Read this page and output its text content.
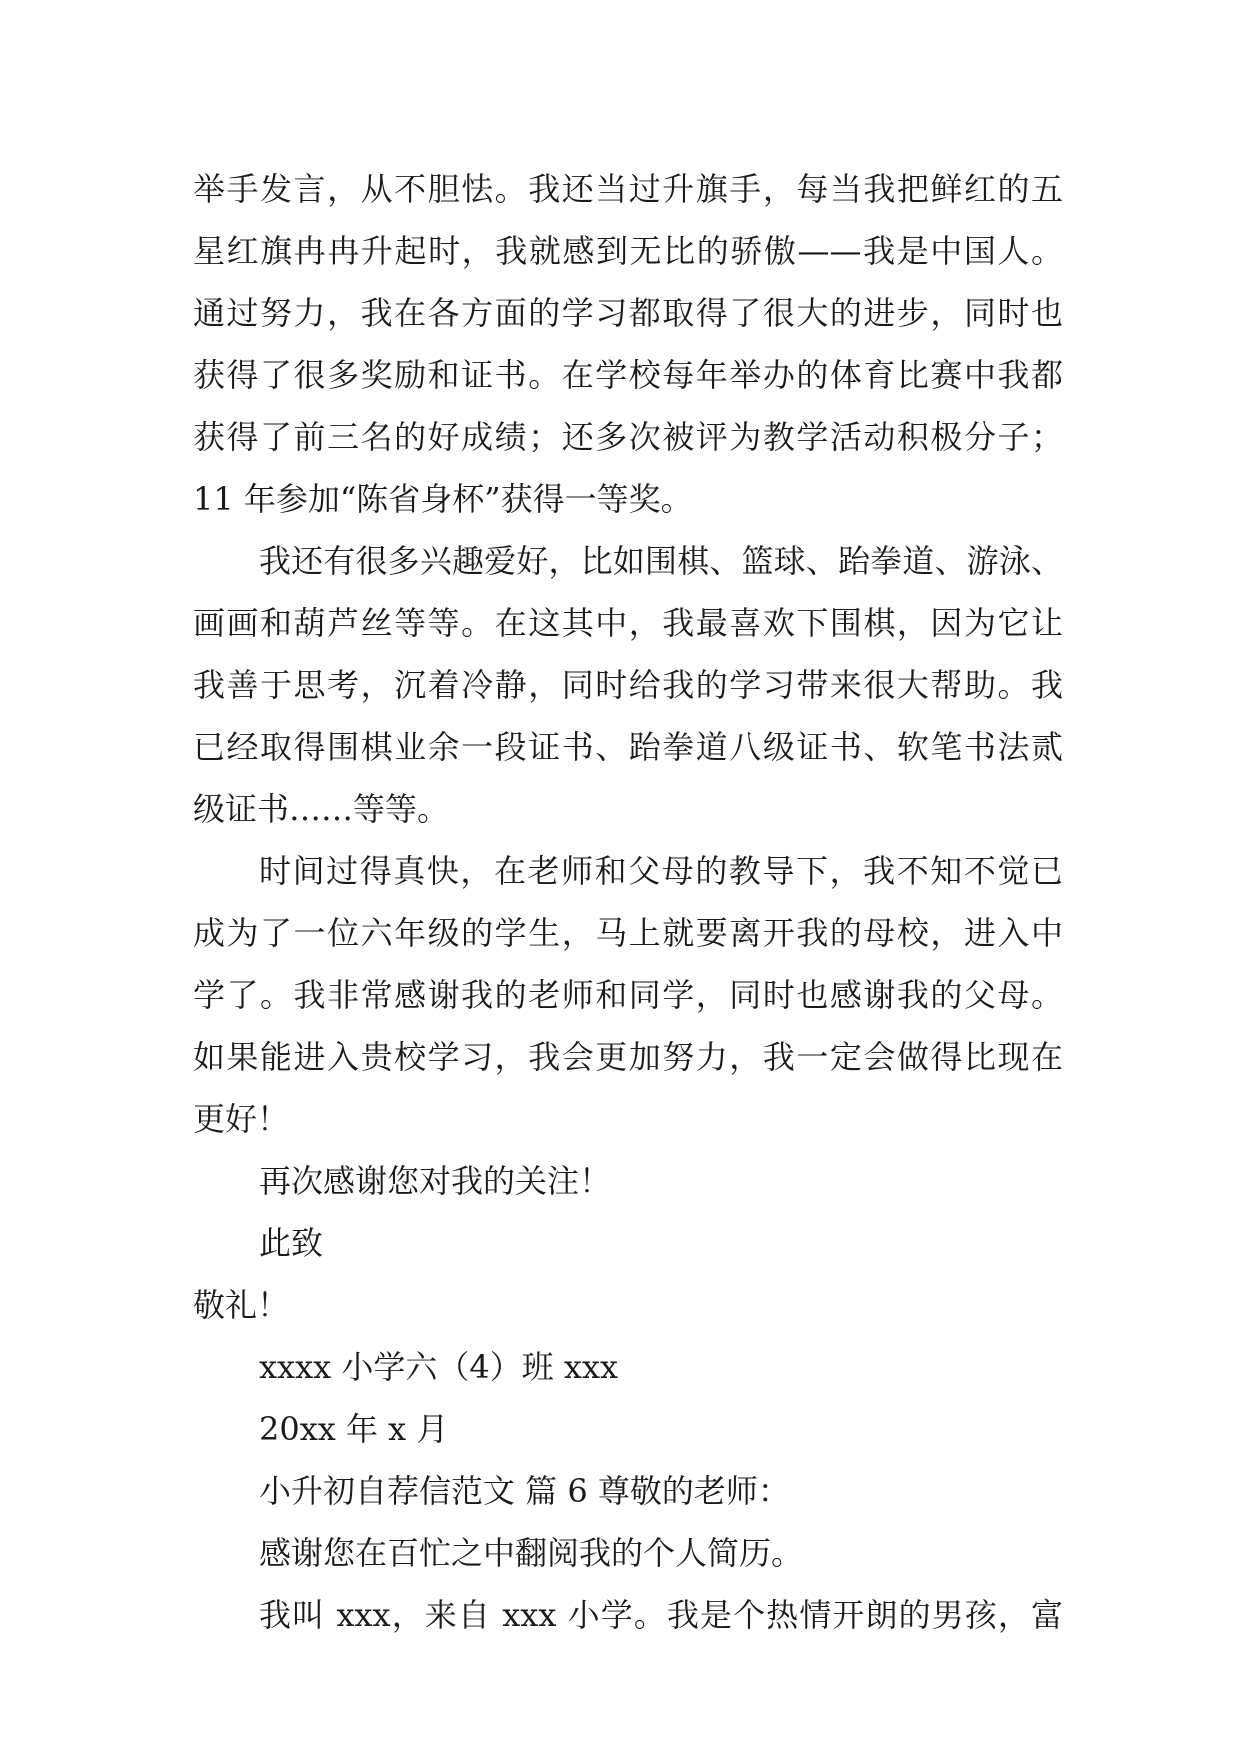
举手发言，从不胆怯。我还当过升旗手，每当我把鲜红的五
星红旗冉冉升起时，我就感到无比的骄傲——我是中国人。
通过努力，我在各方面的学习都取得了很大的进步，同时也
获得了很多奖励和证书。在学校每年举办的体育比赛中我都
获得了前三名的好成绩；还多次被评为教学活动积极分子；
11 年参加“陈省身杯”获得一等奖。
我还有很多兴趣爱好，比如围棋、篮球、跆拳道、游泳、
画画和葫芦丝等等。在这其中，我最喜欢下围棋，因为它让
我善于思考，沉着冷静，同时给我的学习带来很大帮助。我
已经取得围棋业余一段证书、跆拳道八级证书、软笔书法贰
级证书……等等。
时间过得真快，在老师和父母的教导下，我不知不觉已
成为了一位六年级的学生，马上就要离开我的母校，进入中
学了。我非常感谢我的老师和同学，同时也感谢我的父母。
如果能进入贵校学习，我会更加努力，我一定会做得比现在
更好！
再次感谢您对我的关注！
此致
敬礼！
xxxx 小学六（4）班 xxx
20xx 年 x 月
小升初自荐信范文 篇 6 尊敬的老师：
感谢您在百忙之中翻阅我的个人简历。
我叫 xxx，来自 xxx 小学。我是个热情开朗的男孩，富
